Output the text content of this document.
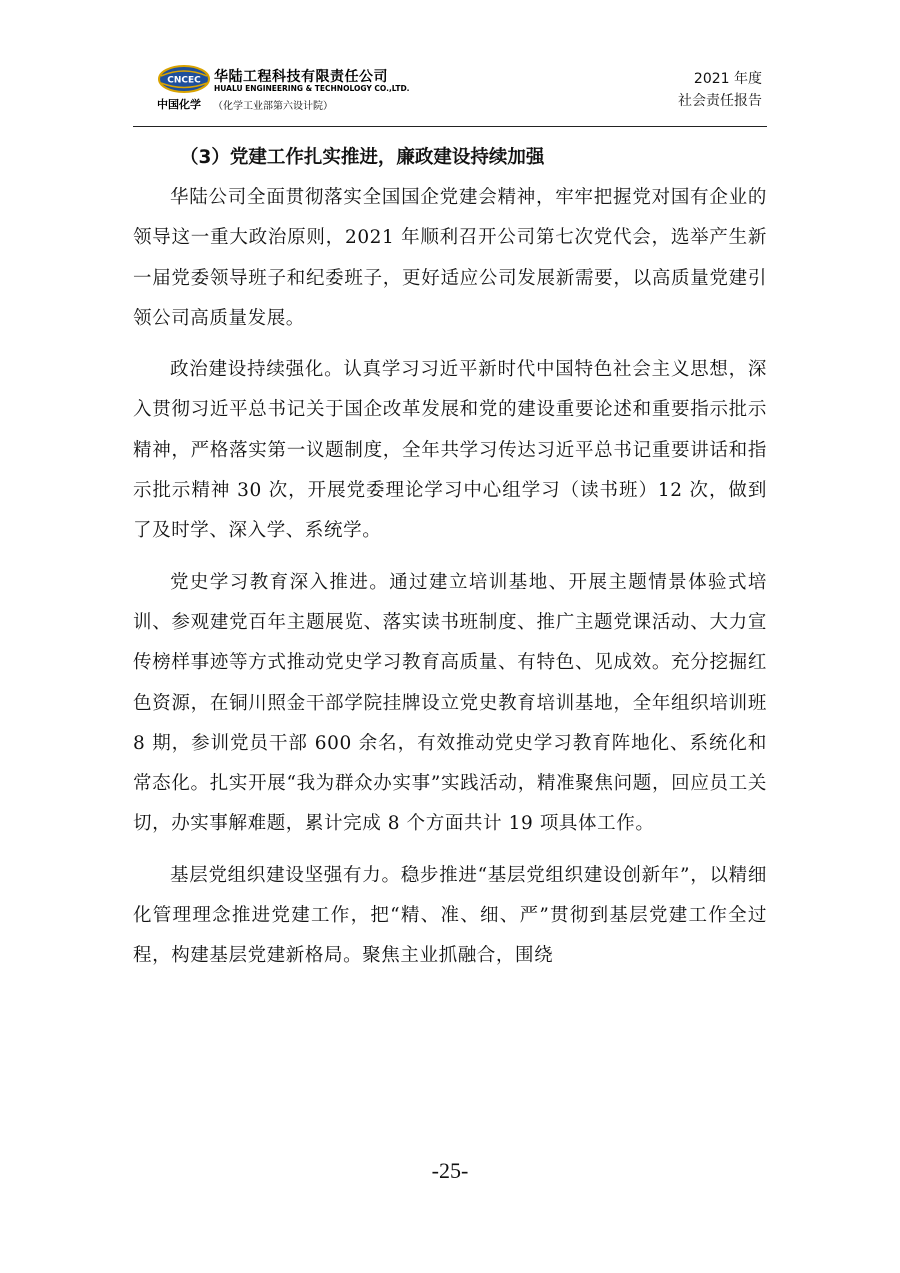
CNCEC 华陆工程科技有限责任公司
HUALU ENGINEERING & TECHNOLOGY CO.,LTD.
中国化学 （化学工业部第六设计院）
2021 年度
社会责任报告
（3）党建工作扎实推进，廉政建设持续加强

华陆公司全面贯彻落实全国国企党建会精神，牢牢把握党对国有企业的领导这一重大政治原则，2021 年顺利召开公司第七次党代会，选举产生新一届党委领导班子和纪委班子，更好适应公司发展新需要，以高质量党建引领公司高质量发展。

政治建设持续强化。认真学习习近平新时代中国特色社会主义思想，深入贯彻习近平总书记关于国企改革发展和党的建设重要论述和重要指示批示精神，严格落实第一议题制度，全年共学习传达习近平总书记重要讲话和指示批示精神 30 次，开展党委理论学习中心组学习（读书班）12 次，做到了及时学、深入学、系统学。

党史学习教育深入推进。通过建立培训基地、开展主题情景体验式培训、参观建党百年主题展览、落实读书班制度、推广主题党课活动、大力宣传榜样事迹等方式推动党史学习教育高质量、有特色、见成效。充分挖掘红色资源，在铜川照金干部学院挂牌设立党史教育培训基地，全年组织培训班 8 期，参训党员干部 600 余名，有效推动党史学习教育阵地化、系统化和常态化。扎实开展“我为群众办实事”实践活动，精准聚焦问题，回应员工关切，办实事解难题，累计完成 8 个方面共计 19 项具体工作。

基层党组织建设坚强有力。稳步推进“基层党组织建设创新年”，以精细化管理理念推进党建工作，把“精、准、细、严”贯彻到基层党建工作全过程，构建基层党建新格局。聚焦主业抓融合，围绕

-25-
